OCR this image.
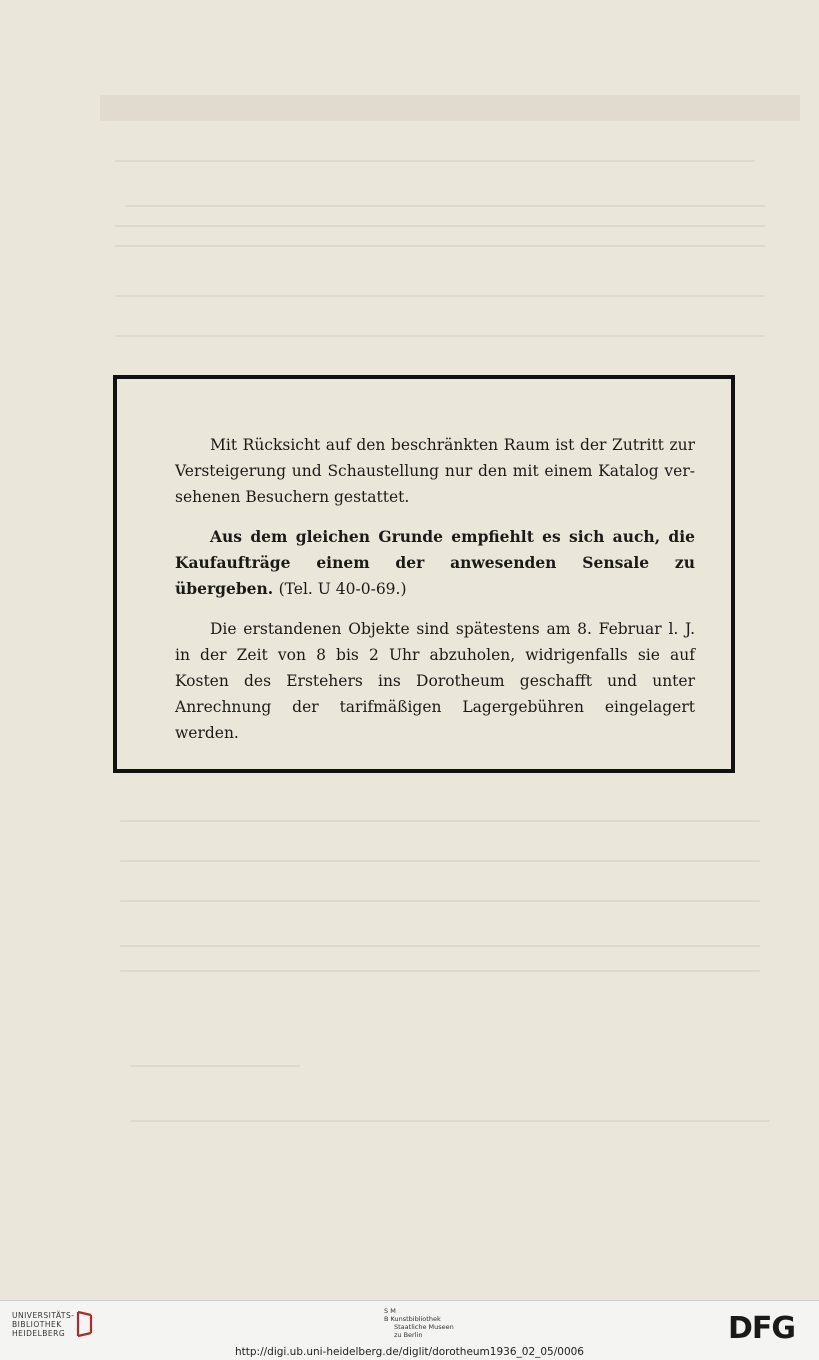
Mit Rücksicht auf den beschränkten Raum ist der Zutritt zur Versteigerung und Schaustellung nur den mit einem Katalog versehenen Besuchern gestattet.

Aus dem gleichen Grunde empfiehlt es sich auch, die Kaufaufträge einem der anwesenden Sensale zu übergeben. (Tel. U 40-0-69.)

Die erstandenen Objekte sind spätestens am 8. Februar l. J. in der Zeit von 8 bis 2 Uhr abzuholen, widrigenfalls sie auf Kosten des Erstehers ins Dorotheum geschafft und unter Anrechnung der tarifmäßigen Lagergebühren eingelagert werden.

UNIVERSITÄTS-
BIBLIOTHEK
HEIDELBERG
S M
B Kunstbibliothek
Staatliche Museen
zu Berlin	DFG
http://digi.ub.uni-heidelberg.de/diglit/dorotheum1936_02_05/0006
